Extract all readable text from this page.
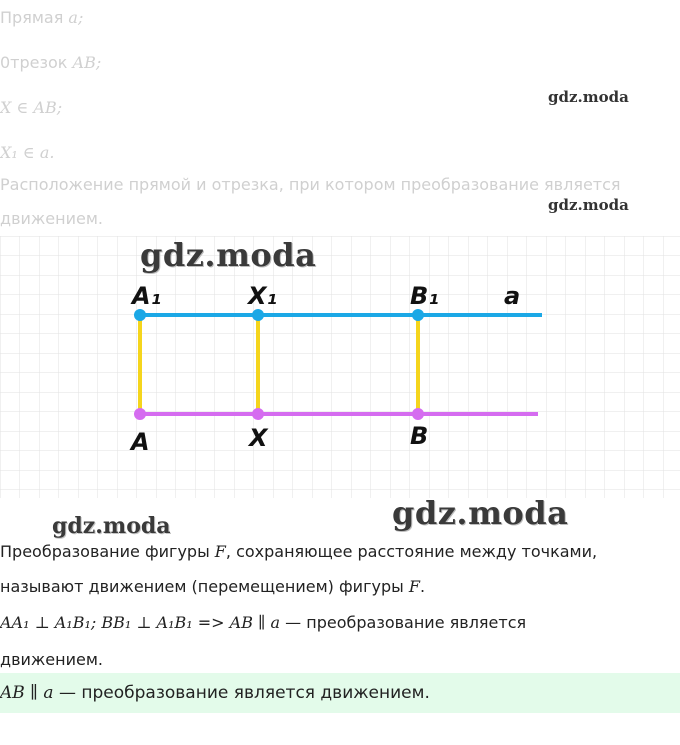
Прямая a;
0трезок AB;
X ∈ AB;
X₁ ∈ a.
Расположение прямой и отрезка, при котором преобразование является
движением.
gdz.moda
gdz.moda
A₁	X₁	B₁	a
A	X	B
gdz.moda
gdz.moda
gdz.moda
Преобразование фигуры F, сохраняющее расстояние между точками,
называют движением (перемещением) фигуры F.
AA₁ ⊥ A₁B₁; BB₁ ⊥ A₁B₁ => AB ∥ a — преобразование является
движением.
AB ∥ a — преобразование является движением.
